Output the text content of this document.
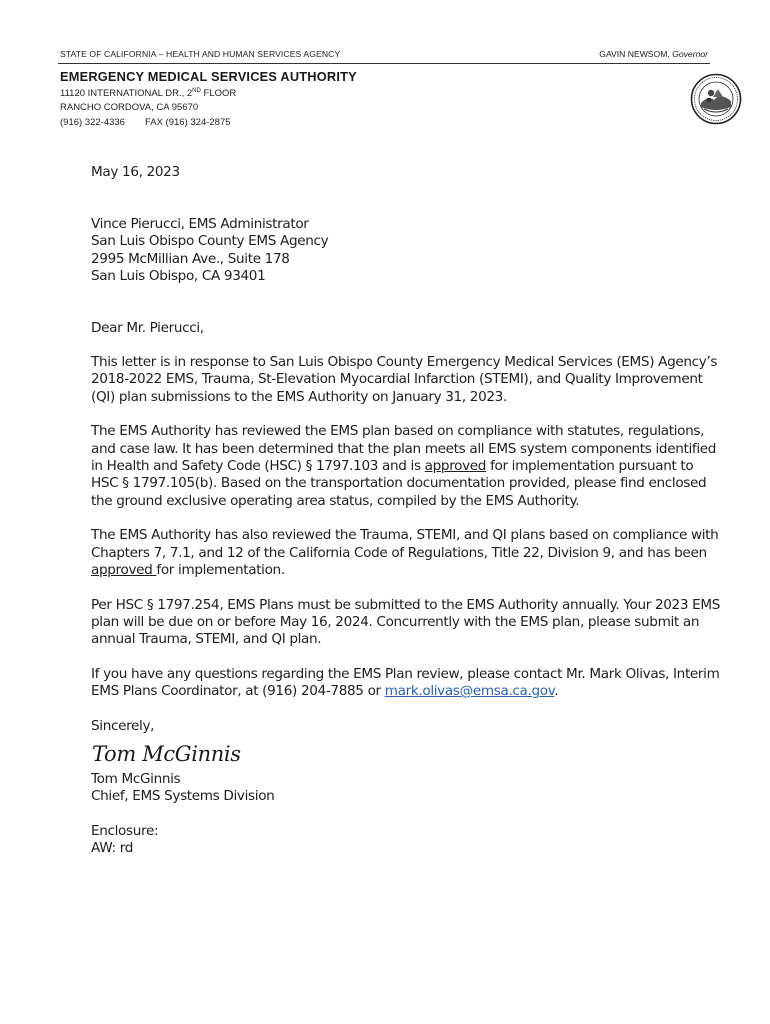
STATE OF CALIFORNIA – HEALTH AND HUMAN SERVICES AGENCY	GAVIN NEWSOM, Governor
EMERGENCY MEDICAL SERVICES AUTHORITY
11120 INTERNATIONAL DR., 2ND FLOOR
RANCHO CORDOVA, CA 95670
(916) 322-4336 FAX (916) 324-2875

May 16, 2023

Vince Pierucci, EMS Administrator

San Luis Obispo County EMS Agency

2995 McMillian Ave., Suite 178

San Luis Obispo, CA 93401

Dear Mr. Pierucci,

This letter is in response to San Luis Obispo County Emergency Medical Services (EMS) Agency’s 2018-2022 EMS, Trauma, St-Elevation Myocardial Infarction (STEMI), and Quality Improvement (QI) plan submissions to the EMS Authority on January 31, 2023.

The EMS Authority has reviewed the EMS plan based on compliance with statutes, regulations, and case law. It has been determined that the plan meets all EMS system components identified in Health and Safety Code (HSC) § 1797.103 and is approved for implementation pursuant to HSC § 1797.105(b). Based on the transportation documentation provided, please find enclosed the ground exclusive operating area status, compiled by the EMS Authority.

The EMS Authority has also reviewed the Trauma, STEMI, and QI plans based on compliance with Chapters 7, 7.1, and 12 of the California Code of Regulations, Title 22, Division 9, and has been approved for implementation.

Per HSC § 1797.254, EMS Plans must be submitted to the EMS Authority annually. Your 2023 EMS plan will be due on or before May 16, 2024. Concurrently with the EMS plan, please submit an annual Trauma, STEMI, and QI plan.

If you have any questions regarding the EMS Plan review, please contact Mr. Mark Olivas, Interim EMS Plans Coordinator, at (916) 204-7885 or mark.olivas@emsa.ca.gov.

Sincerely,

Tom McGinnis

Tom McGinnis

Chief, EMS Systems Division

Enclosure:

AW: rd
